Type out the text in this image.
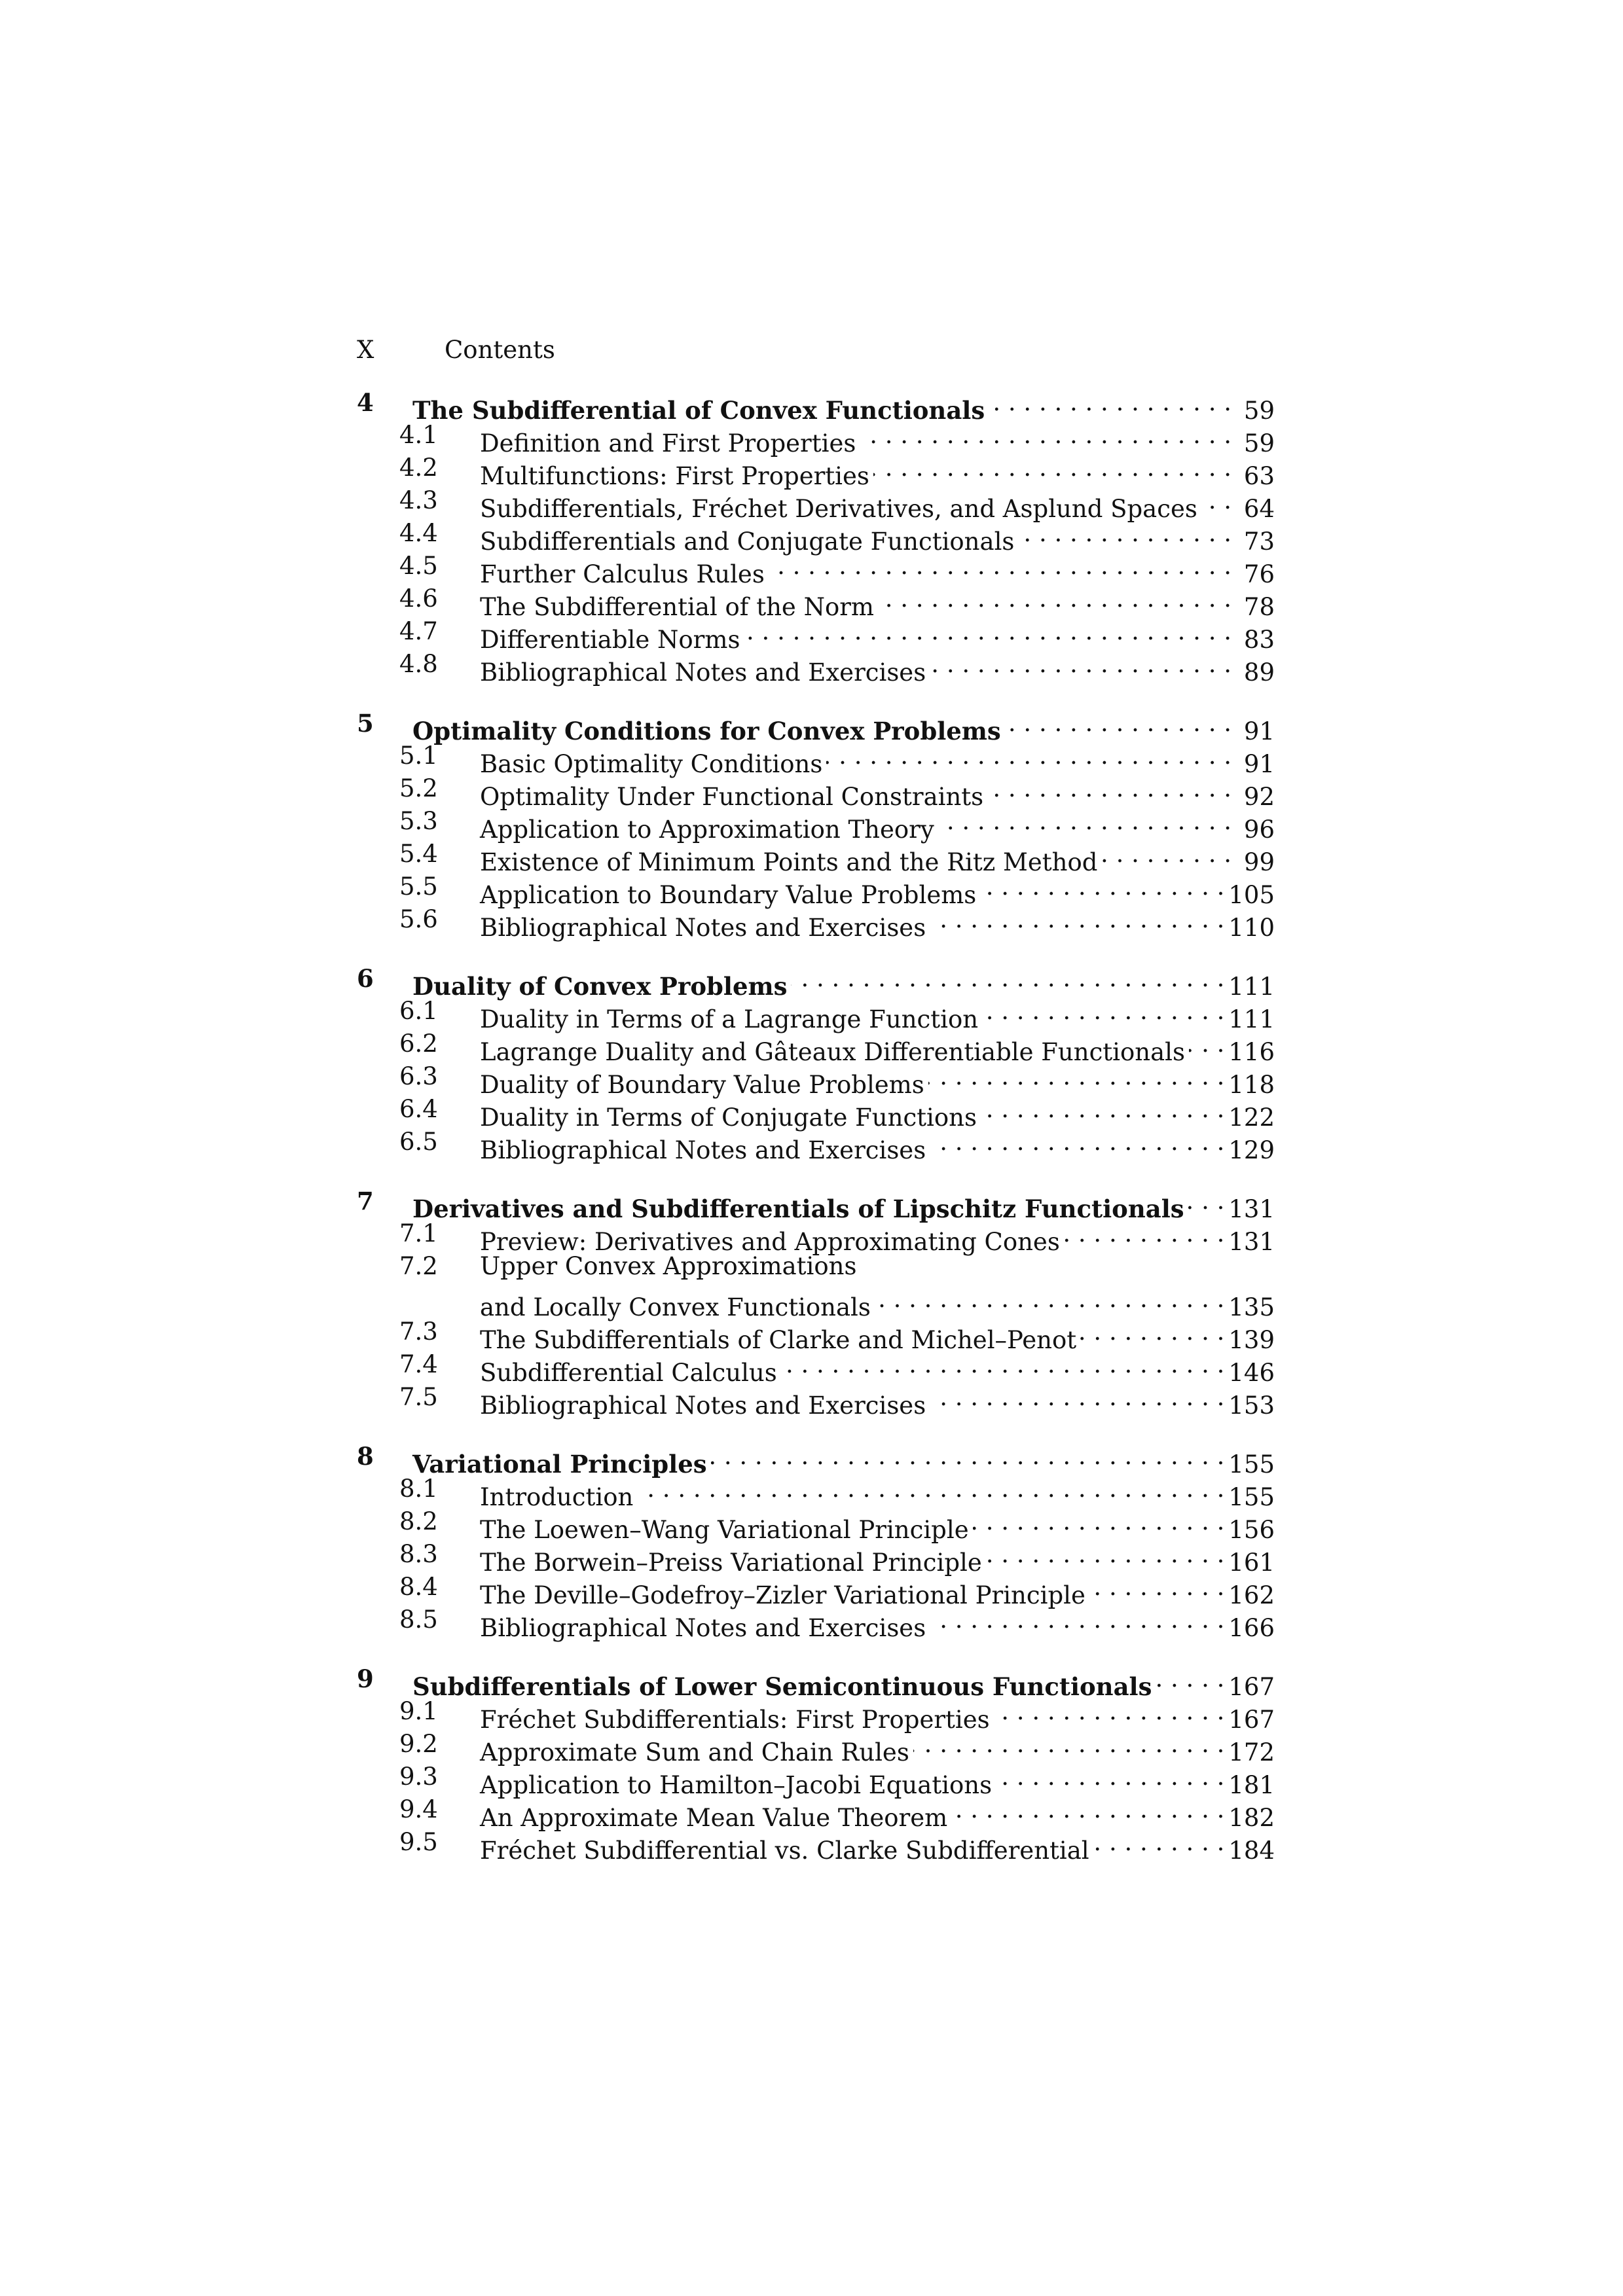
X	Contents
4 The Subdifferential of Convex Functionals . . .	59
4.1 Definition and First Properties . . .	59
4.2 Multifunctions: First Properties . . .	63
4.3 Subdifferentials, Fréchet Derivatives, and Asplund Spaces . . .	64
4.4 Subdifferentials and Conjugate Functionals . . .	73
4.5 Further Calculus Rules . . .	76
4.6 The Subdifferential of the Norm . . .	78
4.7 Differentiable Norms . . .	83
4.8 Bibliographical Notes and Exercises . . .	89
5 Optimality Conditions for Convex Problems . . .	91
5.1 Basic Optimality Conditions . . .	91
5.2 Optimality Under Functional Constraints . . .	92
5.3 Application to Approximation Theory . . .	96
5.4 Existence of Minimum Points and the Ritz Method . . .	99
5.5 Application to Boundary Value Problems . . .	105
5.6 Bibliographical Notes and Exercises . . .	110
6 Duality of Convex Problems . . .	111
6.1 Duality in Terms of a Lagrange Function . . .	111
6.2 Lagrange Duality and Gâteaux Differentiable Functionals . . . 116
6.3 Duality of Boundary Value Problems . . .	118
6.4 Duality in Terms of Conjugate Functions . . .	122
6.5 Bibliographical Notes and Exercises . . .	129
7 Derivatives and Subdifferentials of Lipschitz Functionals . . . 131
7.1 Preview: Derivatives and Approximating Cones . . .	131
7.2 Upper Convex Approximations
and Locally Convex Functionals . . .	135
7.3 The Subdifferentials of Clarke and Michel–Penot . . .	139
7.4 Subdifferential Calculus . . .	146
7.5 Bibliographical Notes and Exercises . . .	153
8 Variational Principles . . .	155
8.1 Introduction . . .	155
8.2 The Loewen–Wang Variational Principle . . .	156
8.3 The Borwein–Preiss Variational Principle . . .	161
8.4 The Deville–Godefroy–Zizler Variational Principle . . .	162
8.5 Bibliographical Notes and Exercises . . .	166
9 Subdifferentials of Lower Semicontinuous Functionals . . .	167
9.1 Fréchet Subdifferentials: First Properties . . .	167
9.2 Approximate Sum and Chain Rules . . .	172
9.3 Application to Hamilton–Jacobi Equations . . .	181
9.4 An Approximate Mean Value Theorem . . .	182
9.5 Fréchet Subdifferential vs. Clarke Subdifferential . . .	184
